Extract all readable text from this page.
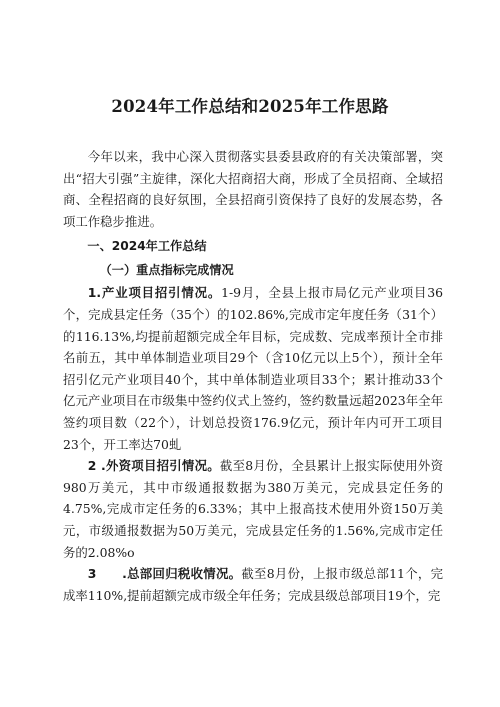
2024年工作总结和2025年工作思路

今年以来，我中心深入贯彻落实县委县政府的有关决策部署，突出“招大引强”主旋律，深化大招商招大商，形成了全员招商、全域招商、全程招商的良好氛围，全县招商引资保持了良好的发展态势，各项工作稳步推进。

一、2024年工作总结

（一）重点指标完成情况

1.产业项目招引情况。1-9月，全县上报市局亿元产业项目36个，完成县定任务（35个）的102.86%,完成市定年度任务（31个）的116.13%,均提前超额完成全年目标，完成数、完成率预计全市排名前五，其中单体制造业项目29个（含10亿元以上5个），预计全年招引亿元产业项目40个，其中单体制造业项目33个；累计推动33个亿元产业项目在市级集中签约仪式上签约，签约数量远超2023年全年签约项目数（22个），计划总投资176.9亿元，预计年内可开工项目23个，开工率达70虬

2 .外资项目招引情况。截至8月份，全县累计上报实际使用外资980万美元，其中市级通报数据为380万美元，完成县定任务的4.75%,完成市定任务的6.33%；其中上报高技术使用外资150万美元，市级通报数据为50万美元，完成县定任务的1.56%,完成市定任务的2.08%o

3　　.总部回归税收情况。截至8月份，上报市级总部11个，完成率110%,提前超额完成市级全年任务；完成县级总部项目19个，完
